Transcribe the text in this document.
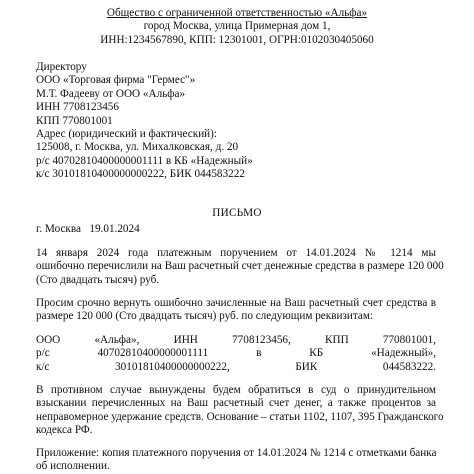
Общество с ограниченной ответственностью «Альфа»
город Москва, улица Примерная дом 1,
ИНН:1234567890, КПП: 12301001, ОГРН:0102030405060
Директору
ООО «Торговая фирма "Гермес"»
М.Т. Фадееву от ООО «Альфа»
ИНН 7708123456
КПП 770801001
Адрес (юридический и фактический):
125008, г. Москва, ул. Михалковская, д. 20
р/с 40702810400000001111 в КБ «Надежный»
к/с 30101810400000000222, БИК 044583222
ПИСЬМО
г. Москва 19.01.2024
14 января 2024 года платежным поручением от 14.01.2024 № 1214 мы
ошибочно перечислили на Ваш расчетный счет денежные средства в размере 120 000
(Сто двадцать тысяч) руб.
Просим срочно вернуть ошибочно зачисленные на Ваш расчетный счет средства в
размере 120 000 (Сто двадцать тысяч) руб. по следующим реквизитам:
ООО «Альфа», ИНН 7708123456, КПП 770801001,
р/с 40702810400000001111 в КБ «Надежный»,
к/с 30101810400000000222, БИК 044583222.
В противном случае вынуждены будем обратиться в суд о принудительном
взыскании перечисленных на Ваш расчетный счет денег, а также процентов за
неправомерное удержание средств. Основание – статьи 1102, 1107, 395 Гражданского
кодекса РФ.
Приложение: копия платежного поручения от 14.01.2024 № 1214 с отметками банка
об исполнении.
